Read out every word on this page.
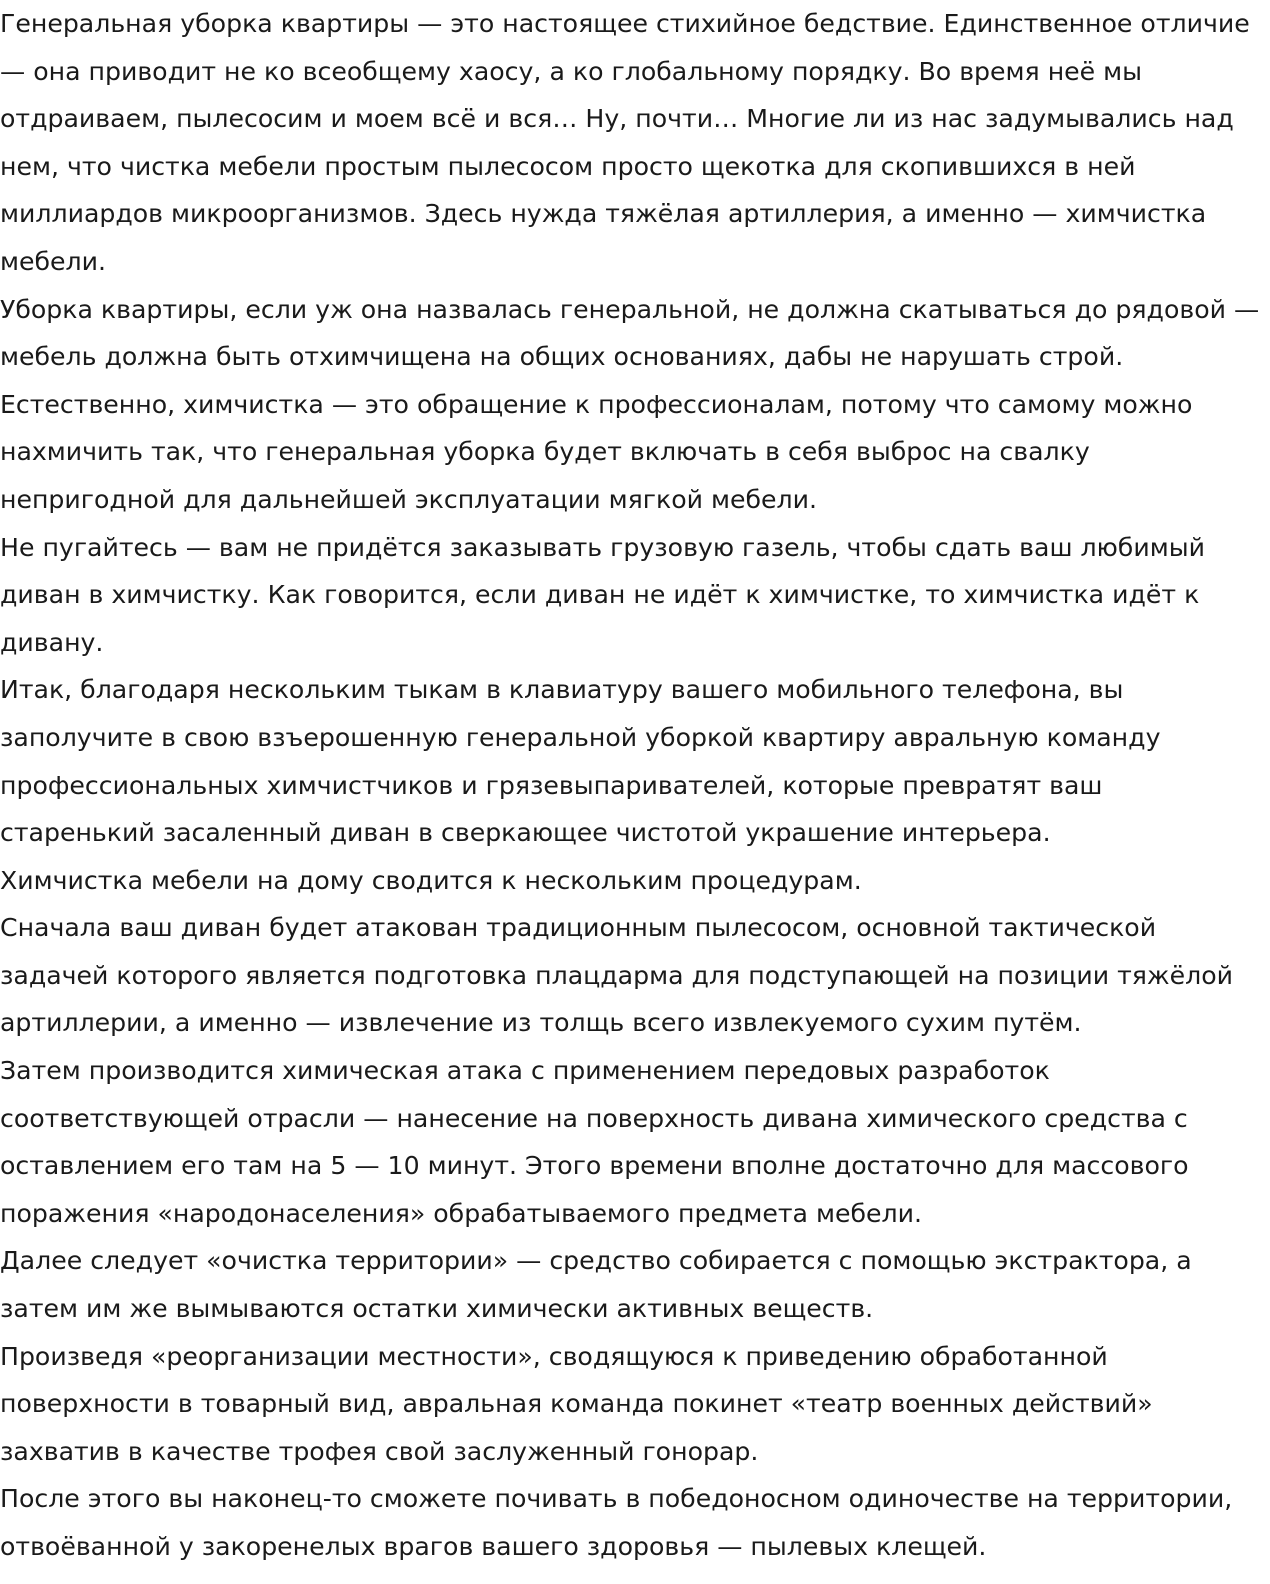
Генеральная уборка квартиры — это настоящее стихийное бедствие. Единственное отличие — она приводит не ко всеобщему хаосу, а ко глобальному порядку. Во время неё мы отдраиваем, пылесосим и моем всё и вся… Ну, почти… Многие ли из нас задумывались над нем, что чистка мебели простым пылесосом просто щекотка для скопившихся в ней миллиардов микроорганизмов. Здесь нужда тяжёлая артиллерия, а именно — химчистка мебели.

Уборка квартиры, если уж она назвалась генеральной, не должна скатываться до рядовой — мебель должна быть отхимчищена на общих основаниях, дабы не нарушать строй.

Естественно, химчистка — это обращение к профессионалам, потому что самому можно нахмичить так, что генеральная уборка будет включать в себя выброс на свалку непригодной для дальнейшей эксплуатации мягкой мебели.

Не пугайтесь — вам не придётся заказывать грузовую газель, чтобы сдать ваш любимый диван в химчистку. Как говорится, если диван не идёт к химчистке, то химчистка идёт к дивану.

Итак, благодаря нескольким тыкам в клавиатуру вашего мобильного телефона, вы заполучите в свою взъерошенную генеральной уборкой квартиру авральную команду профессиональных химчистчиков и грязевыпаривателей, которые превратят ваш старенький засаленный диван в сверкающее чистотой украшение интерьера.

Химчистка мебели на дому сводится к нескольким процедурам.

Сначала ваш диван будет атакован традиционным пылесосом, основной тактической задачей которого является подготовка плацдарма для подступающей на позиции тяжёлой артиллерии, а именно — извлечение из толщь всего извлекуемого сухим путём.

Затем производится химическая атака с применением передовых разработок соответствующей отрасли — нанесение на поверхность дивана химического средства с оставлением его там на 5 — 10 минут. Этого времени вполне достаточно для массового поражения «народонаселения» обрабатываемого предмета мебели.

Далее следует «очистка территории» — средство собирается с помощью экстрактора, а затем им же вымываются остатки химически активных веществ.

Произведя «реорганизации местности», сводящуюся к приведению обработанной поверхности в товарный вид, авральная команда покинет «театр военных действий» захватив в качестве трофея свой заслуженный гонорар.

После этого вы наконец-то сможете почивать в победоносном одиночестве на территории, отвоёванной у закоренелых врагов вашего здоровья — пылевых клещей.
